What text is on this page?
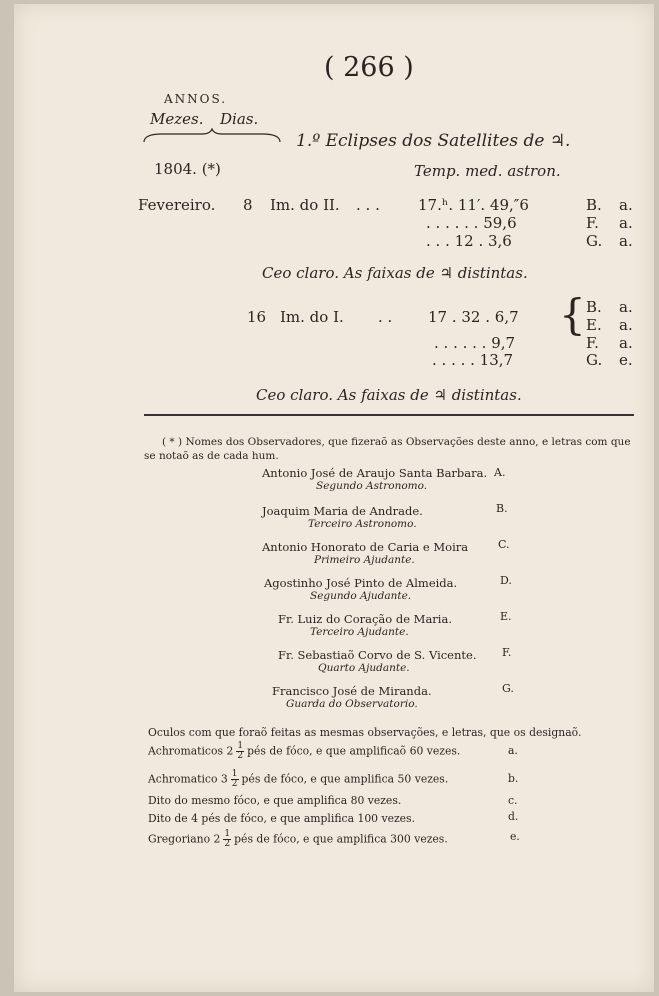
( 266 )
ANNOS.
Mezes. Dias.
1.º Eclipses dos Satellites de ♃.
1804. (*)	Temp. med. astron.
Fevereiro. 8 Im. do II. . . .	17.ʰ. 11′. 49,″6	B. a.
. . . . . . 59,6	F. a.
. . . 12 . 3,6	G. a.
Ceo claro. As faixas de ♃ distintas.
16 Im. do I. . . 17 . 32 . 6,7 { B. a.
E. a.
. . . . . . 9,7	F. a.
. . . . . 13,7	G. e.
Ceo claro. As faixas de ♃ distintas.
( * ) Nomes dos Observadores, que fizeraõ as Observações deste anno, e letras com que
se notaõ as de cada hum.
Antonio José de Araujo Santa Barbara.
Segundo Astronomo.
A.
Joaquim Maria de Andrade.
Terceiro Astronomo.
B.
Antonio Honorato de Caria e Moira
Primeiro Ajudante.
C.
Agostinho José Pinto de Almeida.
Segundo Ajudante.
D.
Fr. Luiz do Coração de Maria.
Terceiro Ajudante.
E.
Fr. Sebastiaõ Corvo de S. Vicente.
Quarto Ajudante.
F.
Francisco José de Miranda.
Guarda do Observatorio.
G.
Oculos com que foraõ feitas as mesmas observações, e letras, que os designaõ.
Achromaticos $2 \frac{1}{2}$ pés de fóco, e que amplificaõ 60 vezes.	a.
Achromatico $3 \frac{1}{2}$ pés de fóco, e que amplifica 50 vezes.	b.
Dito do mesmo fóco, e que amplifica 80 vezes.	c.
Dito de 4 pés de fóco, e que amplifica 100 vezes.	d.
Gregoriano $2 \frac{1}{2}$ pés de fóco, e que amplifica 300 vezes.	e.
